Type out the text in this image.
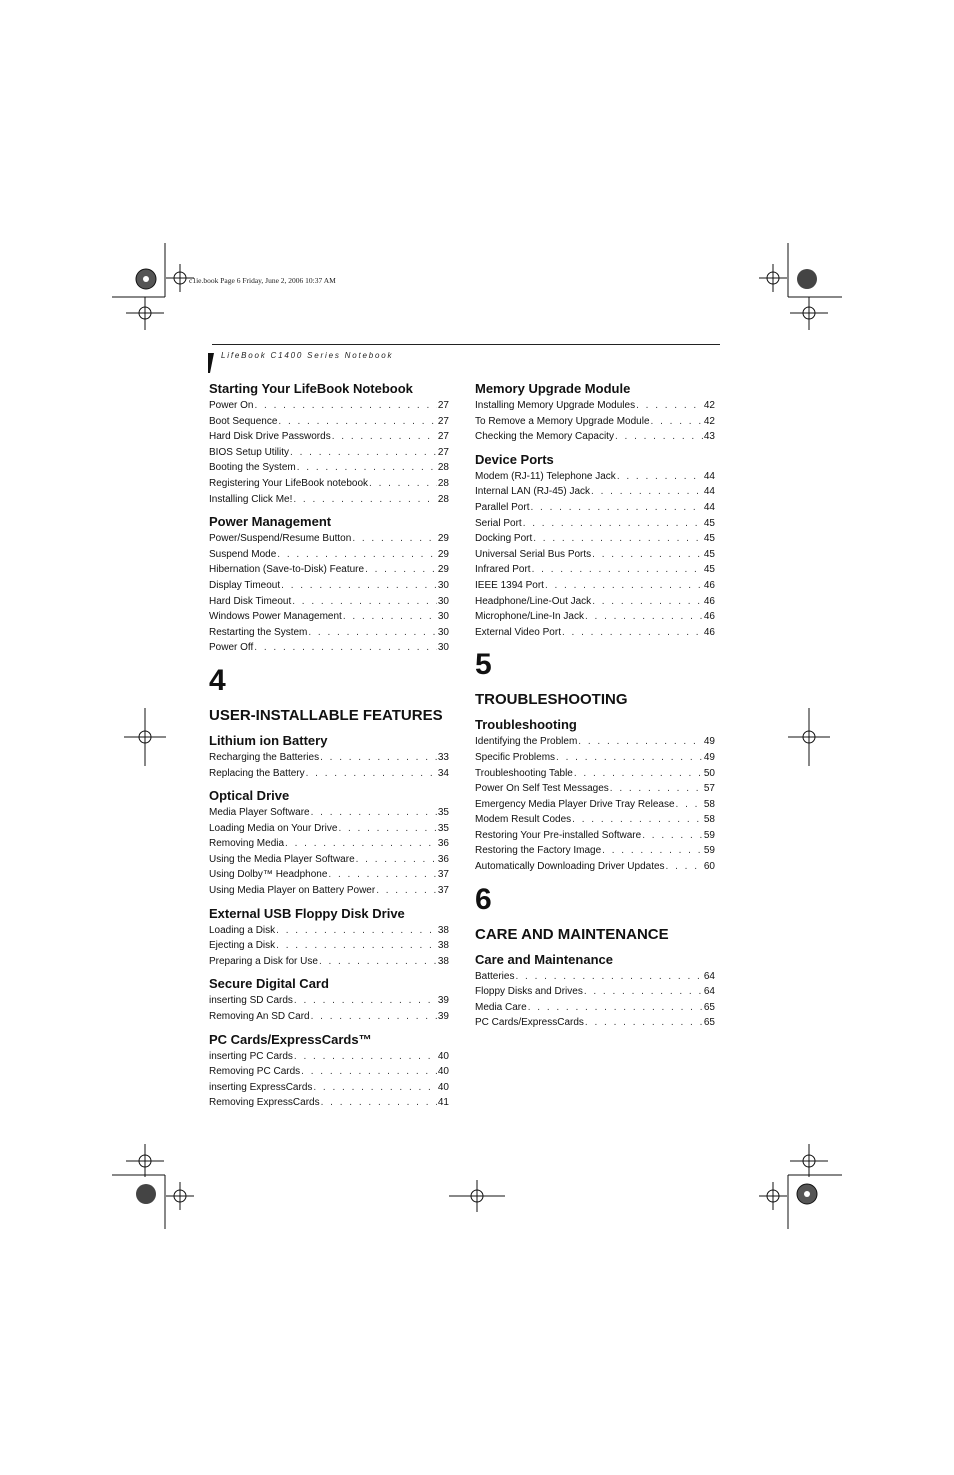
c1ie.book Page 6 Friday, June 2, 2006 10:37 AM
LifeBook C1400 Series Notebook
Starting Your LifeBook Notebook
Power On . . .	27
Boot Sequence . . .	27
Hard Disk Drive Passwords . . .	27
BIOS Setup Utility . . .	27
Booting the System . . .	28
Registering Your LifeBook notebook . . .	28
Installing Click Me! . . .	28
Power Management
Power/Suspend/Resume Button . . .	29
Suspend Mode . . .	29
Hibernation (Save-to-Disk) Feature . . .	29
Display Timeout . . .	30
Hard Disk Timeout . . .	30
Windows Power Management . . .	30
Restarting the System . . .	30
Power Off . . .	30
4
USER-INSTALLABLE FEATURES
Lithium ion Battery
Recharging the Batteries . . .	33
Replacing the Battery . . .	34
Optical Drive
Media Player Software . . .	35
Loading Media on Your Drive . . .	35
Removing Media . . .	36
Using the Media Player Software . . .	36
Using Dolby™ Headphone . . .	37
Using Media Player on Battery Power . . .	37
External USB Floppy Disk Drive
Loading a Disk . . .	38
Ejecting a Disk . . .	38
Preparing a Disk for Use . . .	38
Secure Digital Card
inserting SD Cards . . .	39
Removing An SD Card . . .	39
PC Cards/ExpressCards™
inserting PC Cards . . .	40
Removing PC Cards . . .	40
inserting ExpressCards . . .	40
Removing ExpressCards . . .	41
Memory Upgrade Module
Installing Memory Upgrade Modules . . .	42
To Remove a Memory Upgrade Module . . .	42
Checking the Memory Capacity . . .	43
Device Ports
Modem (RJ-11) Telephone Jack . . .	44
Internal LAN (RJ-45) Jack . . .	44
Parallel Port . . .	44
Serial Port . . .	45
Docking Port . . .	45
Universal Serial Bus Ports . . .	45
Infrared Port . . .	45
IEEE 1394 Port . . .	46
Headphone/Line-Out Jack . . .	46
Microphone/Line-In Jack . . .	46
External Video Port . . .	46
5
TROUBLESHOOTING
Troubleshooting
Identifying the Problem . . .	49
Specific Problems . . .	49
Troubleshooting Table . . .	50
Power On Self Test Messages . . .	57
Emergency Media Player Drive Tray Release . . .	58
Modem Result Codes . . .	58
Restoring Your Pre-installed Software . . .	59
Restoring the Factory Image . . .	59
Automatically Downloading Driver Updates . . .	60
6
CARE AND MAINTENANCE
Care and Maintenance
Batteries . . .	64
Floppy Disks and Drives . . .	64
Media Care . . .	65
PC Cards/ExpressCards . . .	65
